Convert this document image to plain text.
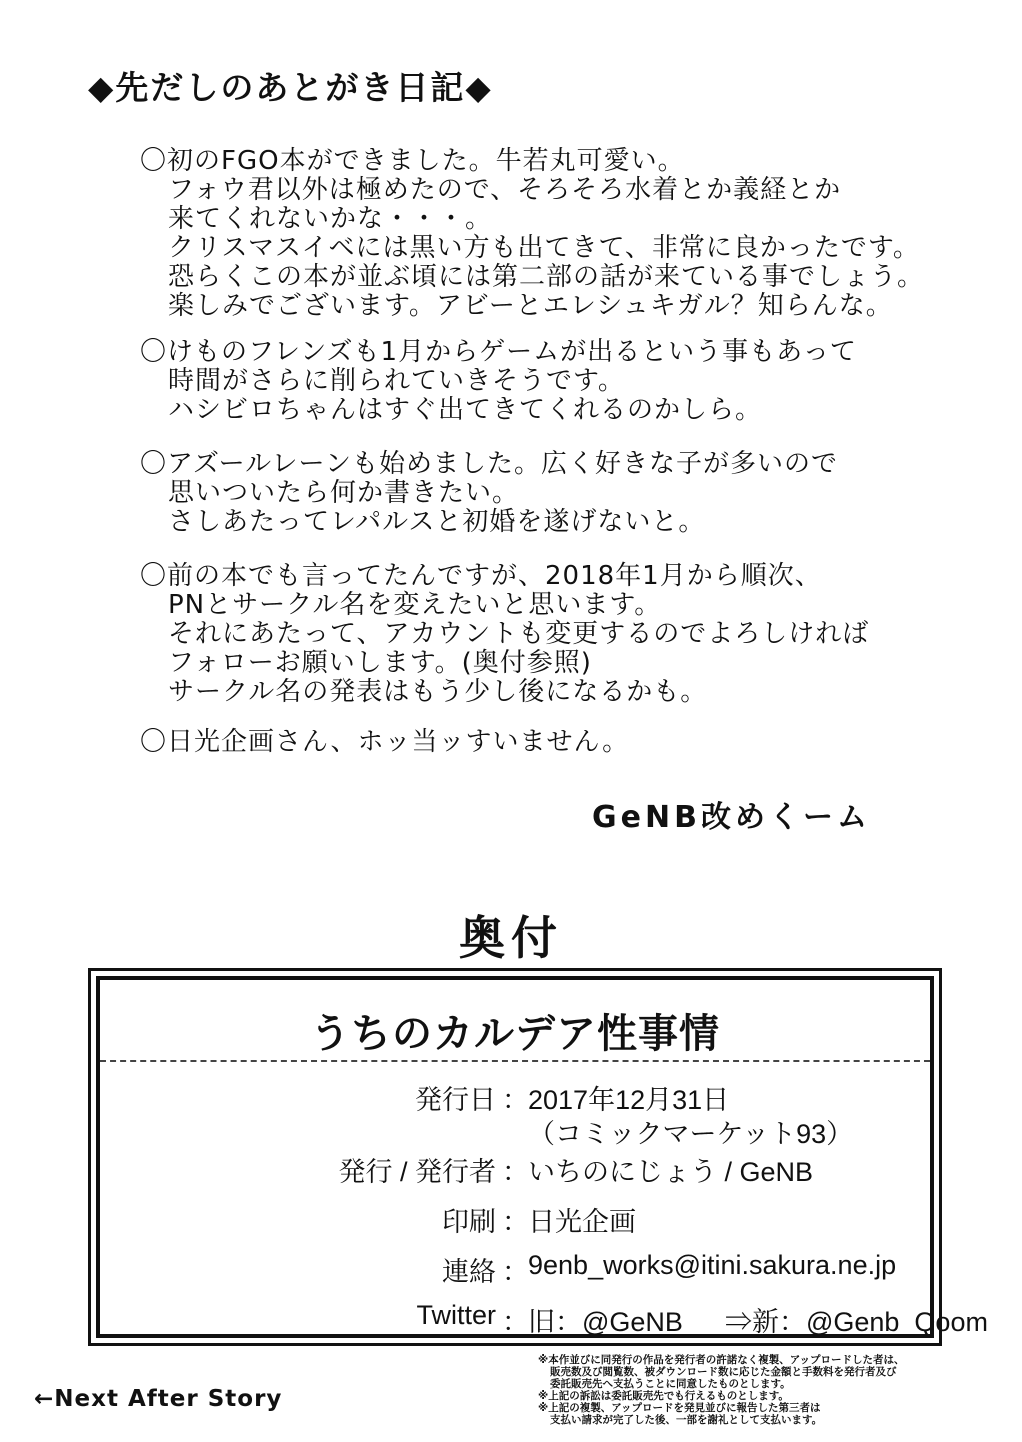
◆先だしのあとがき日記◆
〇初のFGO本ができました。牛若丸可愛い。
フォウ君以外は極めたので、そろそろ水着とか義経とか
来てくれないかな・・・。
クリスマスイベには黒い方も出てきて、非常に良かったです。
恐らくこの本が並ぶ頃には第二部の話が来ている事でしょう。
楽しみでございます。アビーとエレシュキガル？知らんな。
〇けものフレンズも1月からゲームが出るという事もあって
時間がさらに削られていきそうです。
ハシビロちゃんはすぐ出てきてくれるのかしら。
〇アズールレーンも始めました。広く好きな子が多いので
思いついたら何か書きたい。
さしあたってレパルスと初婚を遂げないと。
〇前の本でも言ってたんですが、2018年1月から順次、
PNとサークル名を変えたいと思います。
それにあたって、アカウントも変更するのでよろしければ
フォローお願いします。(奥付参照)
サークル名の発表はもう少し後になるかも。
〇日光企画さん、ホッ当ッすいません。
GeNB改めくーム
奥付
うちのカルデア性事情
発行日 ： 2017年12月31日
（コミックマーケット93）
発行 / 発行者 ： いちのにじょう / GeNB
印刷 ： 日光企画
連絡 ： 9enb_works@itini.sakura.ne.jp
Twitter ： 旧：@GeNB_　⇒新：@Genb_Qoom
※本作並びに同発行の作品を発行者の許諾なく複製、アップロードした者は、
販売数及び閲覧数、被ダウンロード数に応じた金額と手数料を発行者及び
委託販売先へ支払うことに同意したものとします。
※上記の訴訟は委託販売先でも行えるものとします。
※上記の複製、アップロードを発見並びに報告した第三者は
支払い請求が完了した後、一部を謝礼として支払います。
←Next After Story
